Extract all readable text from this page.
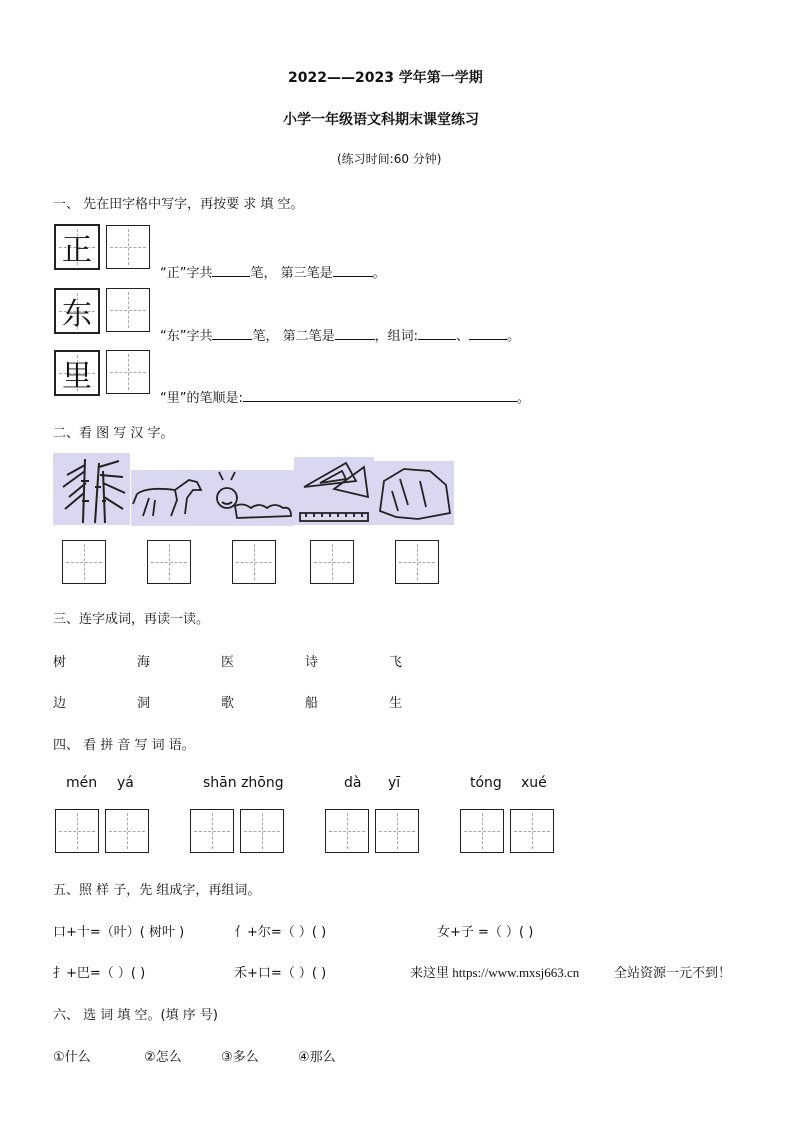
2022——2023 学年第一学期
小学一年级语文科期末课堂练习
(练习时间:60 分钟)
一、 先在田字格中写字，再按要 求 填 空。
正
“正”字共	笔， 第三笔是	。
东
“东”字共	笔， 第二笔是	，组词:	、	。
里
“里”的笔顺是:	。
二、看 图 写 汉 字。
三、连字成词，再读一读。
树	海	医	诗	飞
边	洞	歌	船	生
四、 看 拼 音 写 词 语。
mén yá	shān zhōng	dà yī	tóng xué
五、照 样 子，先 组成字，再组词。
口+十=（叶）( 树叶 )	亻+尔=（ ）( )	女+子 =（ ）( )
扌+巴=（ ）( )	禾+口=（ ）( )	来这里 https://www.mxsj663.cn	全站资源一元不到！
六、 选 词 填 空。(填 序 号)
①什么	②怎么	③多么	④那么
